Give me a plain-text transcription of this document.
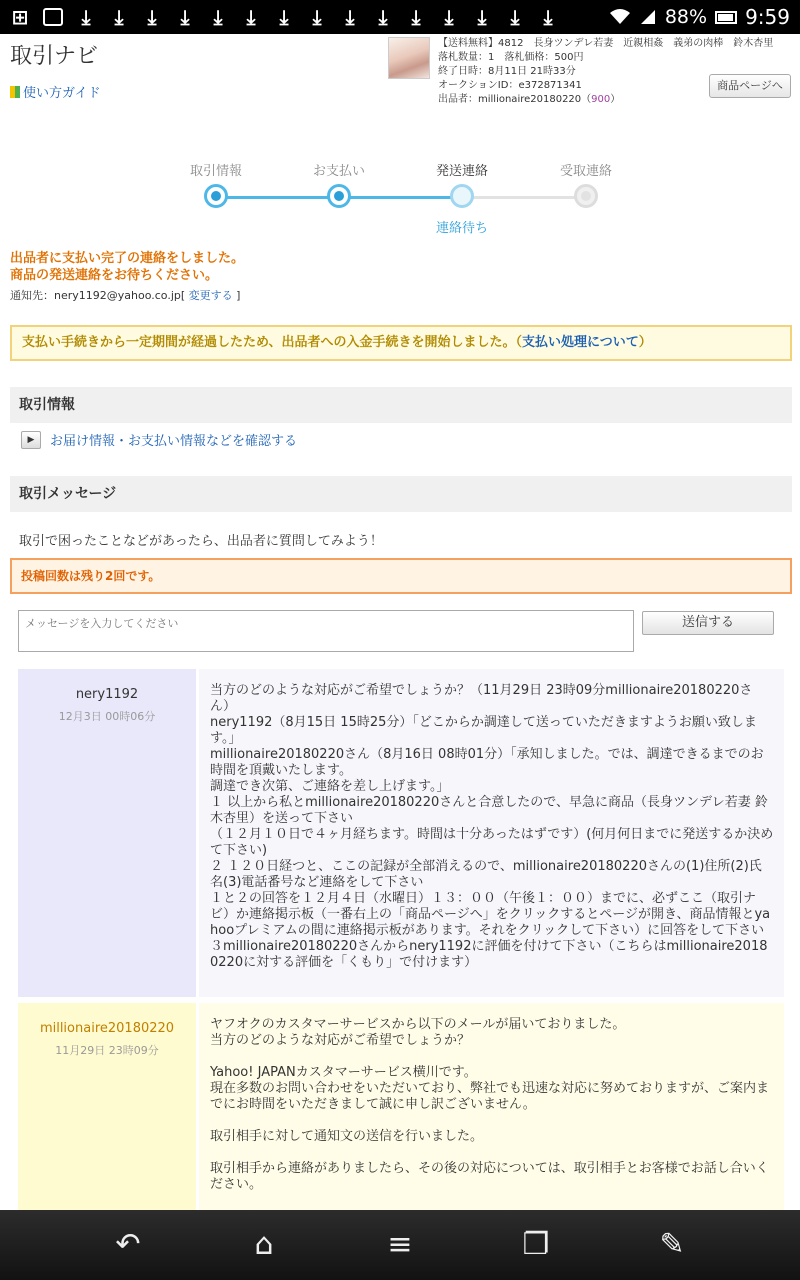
⊞	⤓ ⤓ ⤓ ⤓ ⤓ ⤓ ⤓ ⤓ ⤓ ⤓ ⤓ ⤓ ⤓ ⤓ ⤓	88% 9:59
取引ナビ
使い方ガイド
【送料無料】4812　長身ツンデレ若妻　近親相姦　義弟の肉棒　鈴木杏里
落札数量：1　落札価格：500円
終了日時：8月11日 21時33分
オークションID：e372871341
出品者：millionaire20180220（900）
商品ページへ
取引情報	お支払い	発送連絡	受取連絡
連絡待ち
出品者に支払い完了の連絡をしました。
商品の発送連絡をお待ちください。
通知先：nery1192@yahoo.co.jp[ 変更する ]
支払い手続きから一定期間が経過したため、出品者への入金手続きを開始しました。（支払い処理について）
取引情報
▶	お届け情報・お支払い情報などを確認する
取引メッセージ
取引で困ったことなどがあったら、出品者に質問してみよう！
投稿回数は残り2回です。
メッセージを入力してください
送信する
nery1192
12月3日 00時06分
当方のどのような対応がご希望でしょうか？（11月29日 23時09分millionaire20180220さん）
nery1192（8月15日 15時25分）「どこからか調達して送っていただきますようお願い致します。」
millionaire20180220さん（8月16日 08時01分）「承知しました。では、調達できるまでのお時間を頂戴いたします。
調達でき次第、ご連絡を差し上げます。」
１ 以上から私とmillionaire20180220さんと合意したので、早急に商品（長身ツンデレ若妻 鈴木杏里）を送って下さい
（１２月１０日で４ヶ月経ちます。時間は十分あったはずです）(何月何日までに発送するか決めて下さい)
２ １２０日経つと、ここの記録が全部消えるので、millionaire20180220さんの(1)住所(2)氏名(3)電話番号など連絡をして下さい
１と２の回答を１２月４日（水曜日）１３：００（午後１：００）までに、必ずここ（取引ナビ）か連絡掲示板（一番右上の「商品ページへ」をクリックするとページが開き、商品情報とyahooプレミアムの間に連絡掲示板があります。それをクリックして下さい）に回答をして下さい
３millionaire20180220さんからnery1192に評価を付けて下さい（こちらはmillionaire20180220に対する評価を「くもり」で付けます）
millionaire20180220
11月29日 23時09分
ヤフオクのカスタマーサービスから以下のメールが届いておりました。
当方のどのような対応がご希望でしょうか？

Yahoo! JAPANカスタマーサービス横川です。
現在多数のお問い合わせをいただいており、弊社でも迅速な対応に努めておりますが、ご案内までにお時間をいただきまして誠に申し訳ございません。

取引相手に対して通知文の送信を行いました。

取引相手から連絡がありましたら、その後の対応については、取引相手とお客様でお話し合いください。
↶	⌂	≡	❐	✎
